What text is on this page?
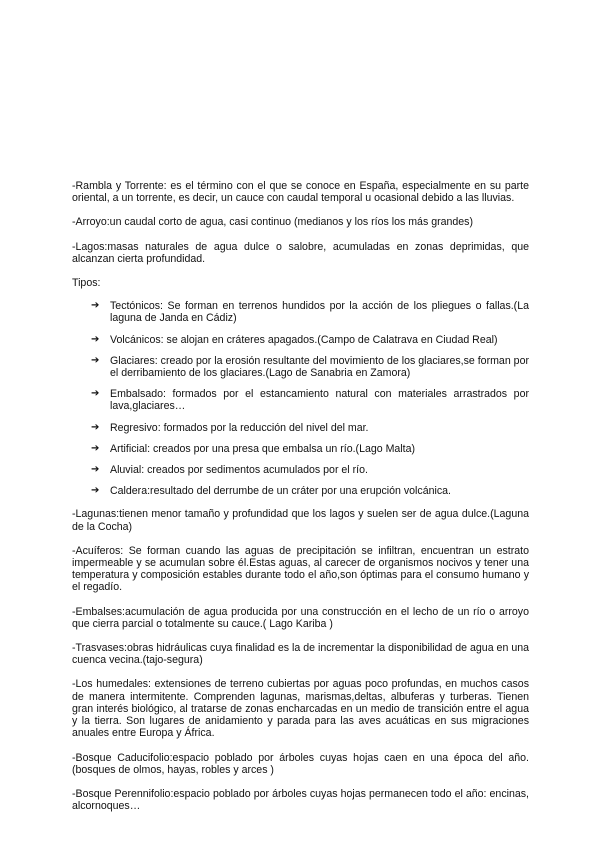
-Rambla y Torrente: es el término con el que se conoce en España, especialmente en su parte oriental, a un torrente, es decir, un cauce con caudal temporal u ocasional debido a las lluvias.

-Arroyo:un caudal corto de agua, casi continuo (medianos y los ríos los más grandes)

-Lagos:masas naturales de agua dulce o salobre, acumuladas en zonas deprimidas, que alcanzan cierta profundidad.

Tipos:

➔ Tectónicos: Se forman en terrenos hundidos por la acción de los pliegues o fallas.(La laguna de Janda en Cádiz)
➔ Volcánicos: se alojan en cráteres apagados.(Campo de Calatrava en Ciudad Real)
➔ Glaciares: creado por la erosión resultante del movimiento de los glaciares,se forman por el derribamiento de los glaciares.(Lago de Sanabria en Zamora)
➔ Embalsado: formados por el estancamiento natural con materiales arrastrados por lava,glaciares…
➔ Regresivo: formados por la reducción del nivel del mar.
➔ Artificial: creados por una presa que embalsa un río.(Lago Malta)
➔ Aluvial: creados por sedimentos acumulados por el río.
➔ Caldera:resultado del derrumbe de un cráter por una erupción volcánica.

-Lagunas:tienen menor tamaño y profundidad que los lagos y suelen ser de agua dulce.(Laguna de la Cocha)

-Acuíferos: Se forman cuando las aguas de precipitación se infiltran, encuentran un estrato impermeable y se acumulan sobre él.Estas aguas, al carecer de organismos nocivos y tener una temperatura y composición estables durante todo el año,son óptimas para el consumo humano y el regadío.

-Embalses:acumulación de agua producida por una construcción en el lecho de un río o arroyo que cierra parcial o totalmente su cauce.( Lago Kariba )

-Trasvases:obras hidráulicas cuya finalidad es la de incrementar la disponibilidad de agua en una cuenca vecina.(tajo-segura)

-Los humedales: extensiones de terreno cubiertas por aguas poco profundas, en muchos casos de manera intermitente. Comprenden lagunas, marismas,deltas, albuferas y turberas. Tienen gran interés biológico, al tratarse de zonas encharcadas en un medio de transición entre el agua y la tierra. Son lugares de anidamiento y parada para las aves acuáticas en sus migraciones anuales entre Europa y África.

-Bosque Caducifolio:espacio poblado por árboles cuyas hojas caen en una época del año.(bosques de olmos, hayas, robles y arces )

-Bosque Perennifolio:espacio poblado por árboles cuyas hojas permanecen todo el año: encinas, alcornoques…
